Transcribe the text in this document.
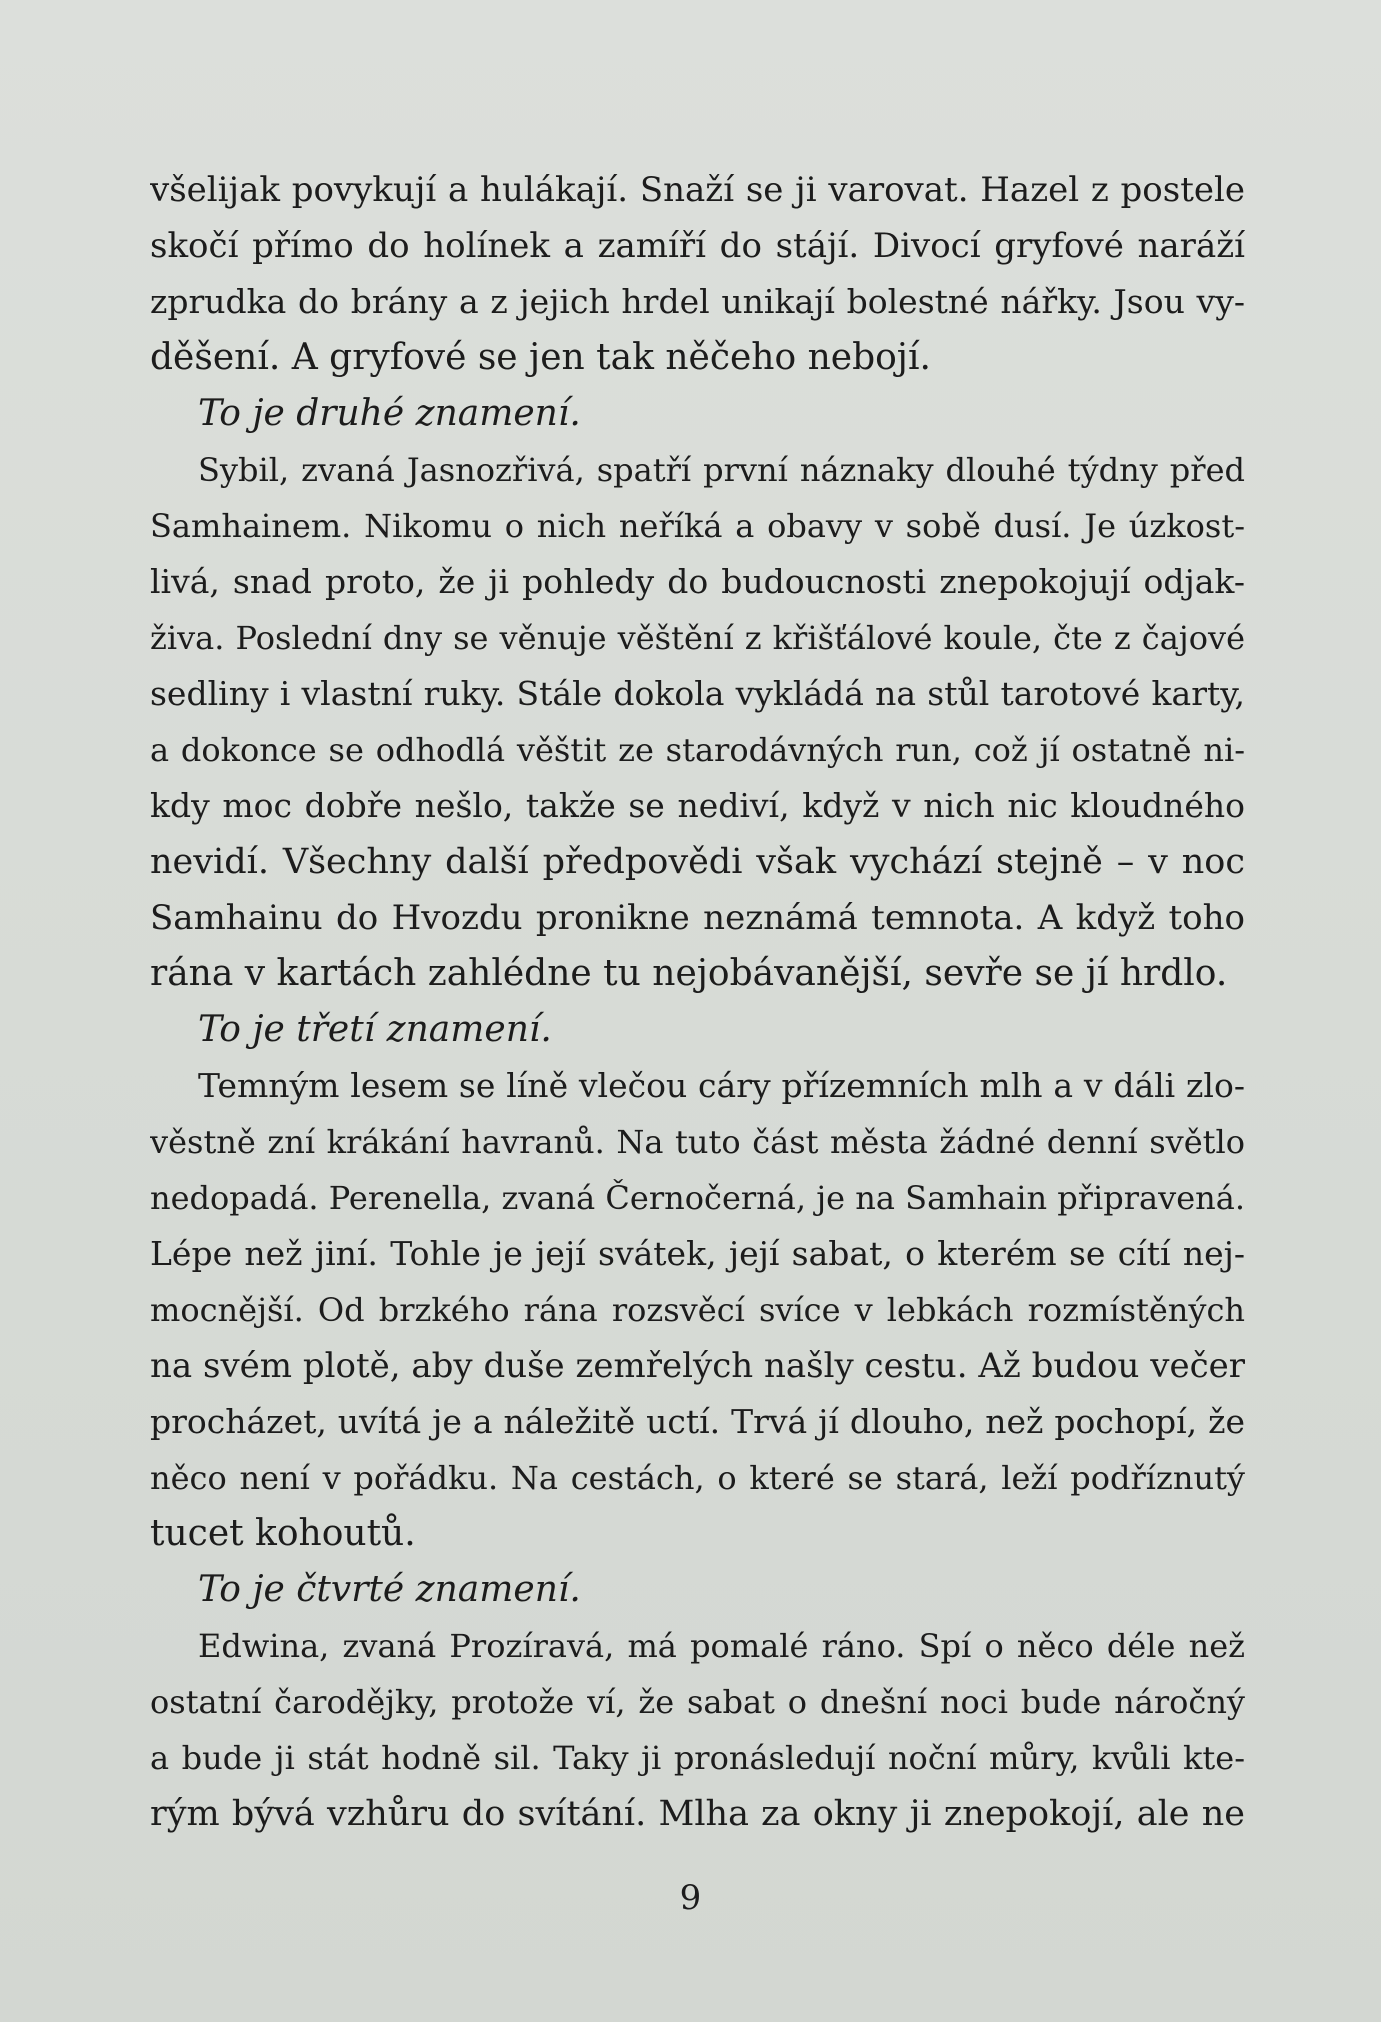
všelijak povykují a hulákají. Snaží se ji varovat. Hazel z postele
skočí přímo do holínek a zamíří do stájí. Divocí gryfové naráží
zprudka do brány a z jejich hrdel unikají bolestné nářky. Jsou vy-
děšení. A gryfové se jen tak něčeho nebojí.
To je druhé znamení.
Sybil, zvaná Jasnozřivá, spatří první náznaky dlouhé týdny před
Samhainem. Nikomu o nich neříká a obavy v sobě dusí. Je úzkost-
livá, snad proto, že ji pohledy do budoucnosti znepokojují odjak-
živa. Poslední dny se věnuje věštění z křišťálové koule, čte z čajové
sedliny i vlastní ruky. Stále dokola vykládá na stůl tarotové karty,
a dokonce se odhodlá věštit ze starodávných run, což jí ostatně ni-
kdy moc dobře nešlo, takže se nediví, když v nich nic kloudného
nevidí. Všechny další předpovědi však vychází stejně – v noc
Samhainu do Hvozdu pronikne neznámá temnota. A když toho
rána v kartách zahlédne tu nejobávanější, sevře se jí hrdlo.
To je třetí znamení.
Temným lesem se líně vlečou cáry přízemních mlh a v dáli zlo-
věstně zní krákání havranů. Na tuto část města žádné denní světlo
nedopadá. Perenella, zvaná Černočerná, je na Samhain připravená.
Lépe než jiní. Tohle je její svátek, její sabat, o kterém se cítí nej-
mocnější. Od brzkého rána rozsvěcí svíce v lebkách rozmístěných
na svém plotě, aby duše zemřelých našly cestu. Až budou večer
procházet, uvítá je a náležitě uctí. Trvá jí dlouho, než pochopí, že
něco není v pořádku. Na cestách, o které se stará, leží podříznutý
tucet kohoutů.
To je čtvrté znamení.
Edwina, zvaná Prozíravá, má pomalé ráno. Spí o něco déle než
ostatní čarodějky, protože ví, že sabat o dnešní noci bude náročný
a bude ji stát hodně sil. Taky ji pronásledují noční můry, kvůli kte-
rým bývá vzhůru do svítání. Mlha za okny ji znepokojí, ale ne
9
